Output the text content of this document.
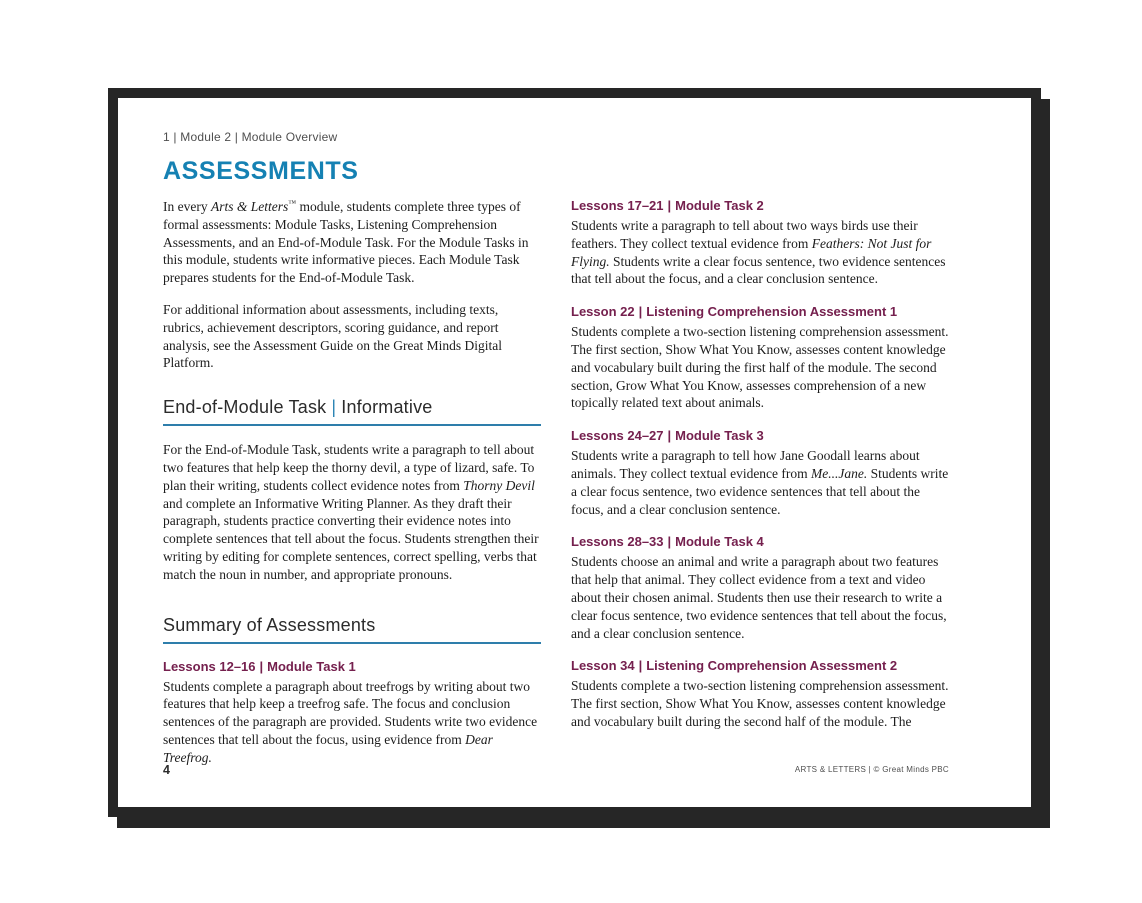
1 | Module 2 | Module Overview
ASSESSMENTS

In every Arts & Letters™ module, students complete three types of formal assessments: Module Tasks, Listening Comprehension Assessments, and an End-of-Module Task. For the Module Tasks in this module, students write informative pieces. Each Module Task prepares students for the End-of-Module Task.

For additional information about assessments, including texts, rubrics, achievement descriptors, scoring guidance, and report analysis, see the Assessment Guide on the Great Minds Digital Platform.

End-of-Module Task | Informative

For the End-of-Module Task, students write a paragraph to tell about two features that help keep the thorny devil, a type of lizard, safe. To plan their writing, students collect evidence notes from Thorny Devil and complete an Informative Writing Planner. As they draft their paragraph, students practice converting their evidence notes into complete sentences that tell about the focus. Students strengthen their writing by editing for complete sentences, correct spelling, verbs that match the noun in number, and appropriate pronouns.

Summary of Assessments
Lessons 12–16 | Module Task 1

Students complete a paragraph about treefrogs by writing about two features that help keep a treefrog safe. The focus and conclusion sentences of the paragraph are provided. Students write two evidence sentences that tell about the focus, using evidence from Dear Treefrog.

Lessons 17–21 | Module Task 2

Students write a paragraph to tell about two ways birds use their feathers. They collect textual evidence from Feathers: Not Just for Flying. Students write a clear focus sentence, two evidence sentences that tell about the focus, and a clear conclusion sentence.

Lesson 22 | Listening Comprehension Assessment 1

Students complete a two-section listening comprehension assessment. The first section, Show What You Know, assesses content knowledge and vocabulary built during the first half of the module. The second section, Grow What You Know, assesses comprehension of a new topically related text about animals.

Lessons 24–27 | Module Task 3

Students write a paragraph to tell how Jane Goodall learns about animals. They collect textual evidence from Me...Jane. Students write a clear focus sentence, two evidence sentences that tell about the focus, and a clear conclusion sentence.

Lessons 28–33 | Module Task 4

Students choose an animal and write a paragraph about two features that help that animal. They collect evidence from a text and video about their chosen animal. Students then use their research to write a clear focus sentence, two evidence sentences that tell about the focus, and a clear conclusion sentence.

Lesson 34 | Listening Comprehension Assessment 2

Students complete a two-section listening comprehension assessment. The first section, Show What You Know, assesses content knowledge and vocabulary built during the second half of the module. The

4	ARTS & LETTERS | © Great Minds PBC
